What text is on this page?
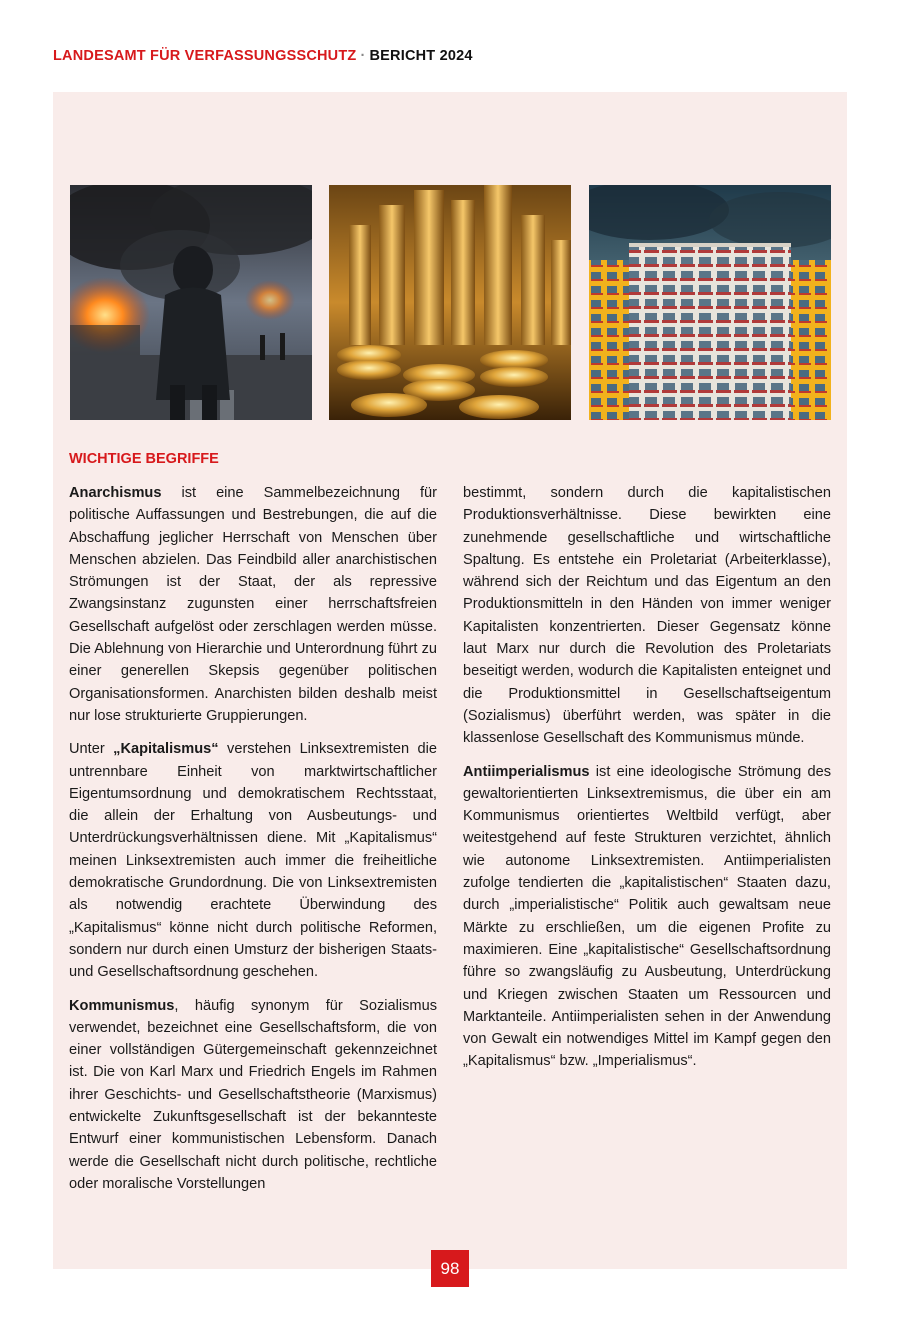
LANDESAMT FÜR VERFASSUNGSSCHUTZ · BERICHT 2024
WICHTIGE BEGRIFFE

Anarchismus ist eine Sammelbezeichnung für politische Auffassungen und Bestrebungen, die auf die Abschaffung jeglicher Herrschaft von Menschen über Menschen abzielen. Das Feindbild aller anarchistischen Strömungen ist der Staat, der als repressive Zwangsinstanz zugunsten einer herrschaftsfreien Gesellschaft aufgelöst oder zerschlagen werden müsse. Die Ablehnung von Hierarchie und Unterordnung führt zu einer generellen Skepsis gegenüber politischen Organisationsformen. Anarchisten bilden deshalb meist nur lose strukturierte Gruppierungen.

Unter „Kapitalismus“ verstehen Linksextremisten die untrennbare Einheit von marktwirtschaftlicher Eigentumsordnung und demokratischem Rechtsstaat, die allein der Erhaltung von Ausbeutungs- und Unterdrückungsverhältnissen diene. Mit „Kapitalismus“ meinen Linksextremisten auch immer die freiheitliche demokratische Grundordnung. Die von Linksextremisten als notwendig erachtete Überwindung des „Kapitalismus“ könne nicht durch politische Reformen, sondern nur durch einen Umsturz der bisherigen Staats- und Gesellschaftsordnung geschehen.

Kommunismus, häufig synonym für Sozialismus verwendet, bezeichnet eine Gesellschaftsform, die von einer vollständigen Gütergemeinschaft gekennzeichnet ist. Die von Karl Marx und Friedrich Engels im Rahmen ihrer Geschichts- und Gesellschaftstheorie (Marxismus) entwickelte Zukunftsgesellschaft ist der bekannteste Entwurf einer kommunistischen Lebensform. Danach werde die Gesellschaft nicht durch politische, rechtliche oder moralische Vorstellungen

bestimmt, sondern durch die kapitalistischen Produktionsverhältnisse. Diese bewirkten eine zunehmende gesellschaftliche und wirtschaftliche Spaltung. Es entstehe ein Proletariat (Arbeiterklasse), während sich der Reichtum und das Eigentum an den Produktionsmitteln in den Händen von immer weniger Kapitalisten konzentrierten. Dieser Gegensatz könne laut Marx nur durch die Revolution des Proletariats beseitigt werden, wodurch die Kapitalisten enteignet und die Produktionsmittel in Gesellschaftseigentum (Sozialismus) überführt werden, was später in die klassenlose Gesellschaft des Kommunismus münde.

Antiimperialismus ist eine ideologische Strömung des gewaltorientierten Linksextremismus, die über ein am Kommunismus orientiertes Weltbild verfügt, aber weitestgehend auf feste Strukturen verzichtet, ähnlich wie autonome Linksextremisten. Antiimperialisten zufolge tendierten die „kapitalistischen“ Staaten dazu, durch „imperialistische“ Politik auch gewaltsam neue Märkte zu erschließen, um die eigenen Profite zu maximieren. Eine „kapitalistische“ Gesellschaftsordnung führe so zwangsläufig zu Ausbeutung, Unterdrückung und Kriegen zwischen Staaten um Ressourcen und Marktanteile. Antiimperialisten sehen in der Anwendung von Gewalt ein notwendiges Mittel im Kampf gegen den „Kapitalismus“ bzw. „Imperialismus“.

98
